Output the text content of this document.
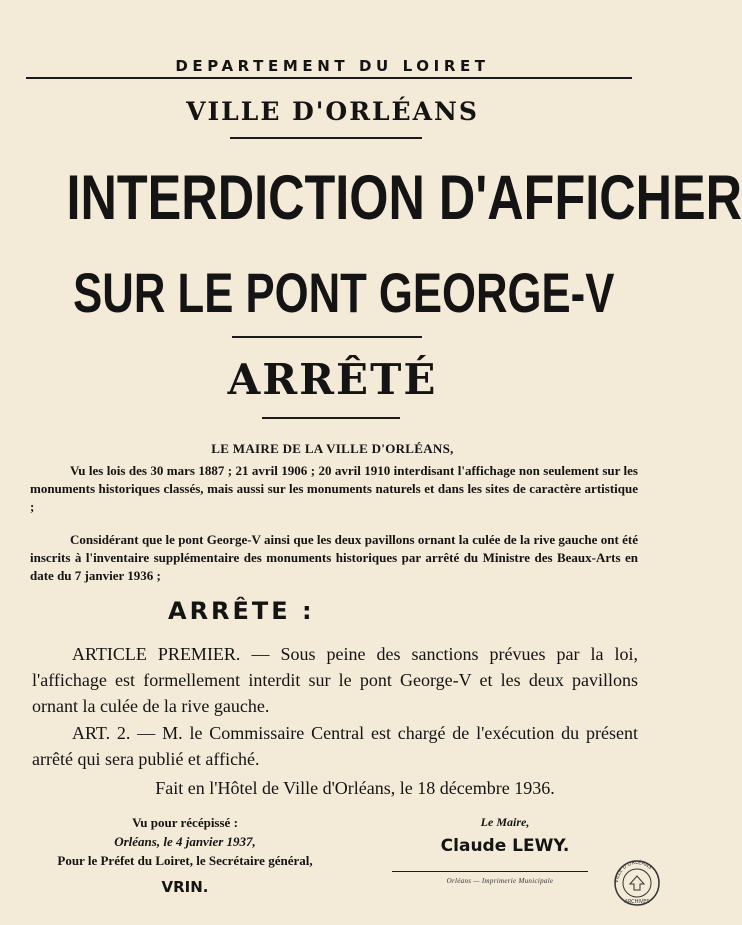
DEPARTEMENT DU LOIRET
VILLE D'ORLÉANS
INTERDICTION D'AFFICHER
SUR LE PONT GEORGE-V
ARRÊTÉ
LE MAIRE DE LA VILLE D'ORLÉANS,
Vu les lois des 30 mars 1887 ; 21 avril 1906 ; 20 avril 1910 interdisant l'affichage non seulement sur les monuments historiques classés, mais aussi sur les monuments naturels et dans les sites de caractère artistique ;
Considérant que le pont George-V ainsi que les deux pavillons ornant la culée de la rive gauche ont été inscrits à l'inventaire supplémentaire des monuments historiques par arrêté du Ministre des Beaux-Arts en date du 7 janvier 1936 ;
ARRÊTE :
ARTICLE PREMIER. — Sous peine des sanctions prévues par la loi, l'affichage est formellement interdit sur le pont George-V et les deux pavillons ornant la culée de la rive gauche.
ART. 2. — M. le Commissaire Central est chargé de l'exécution du présent arrêté qui sera publié et affiché.
Fait en l'Hôtel de Ville d'Orléans, le 18 décembre 1936.
Vu pour récépissé :
Orléans, le 4 janvier 1937,
Pour le Préfet du Loiret, le Secrétaire général,
VRIN.
Le Maire,
Claude LEWY.
Orléans — Imprimerie Municipale	VILLE D'ORLÉANS
ARCHIVES
